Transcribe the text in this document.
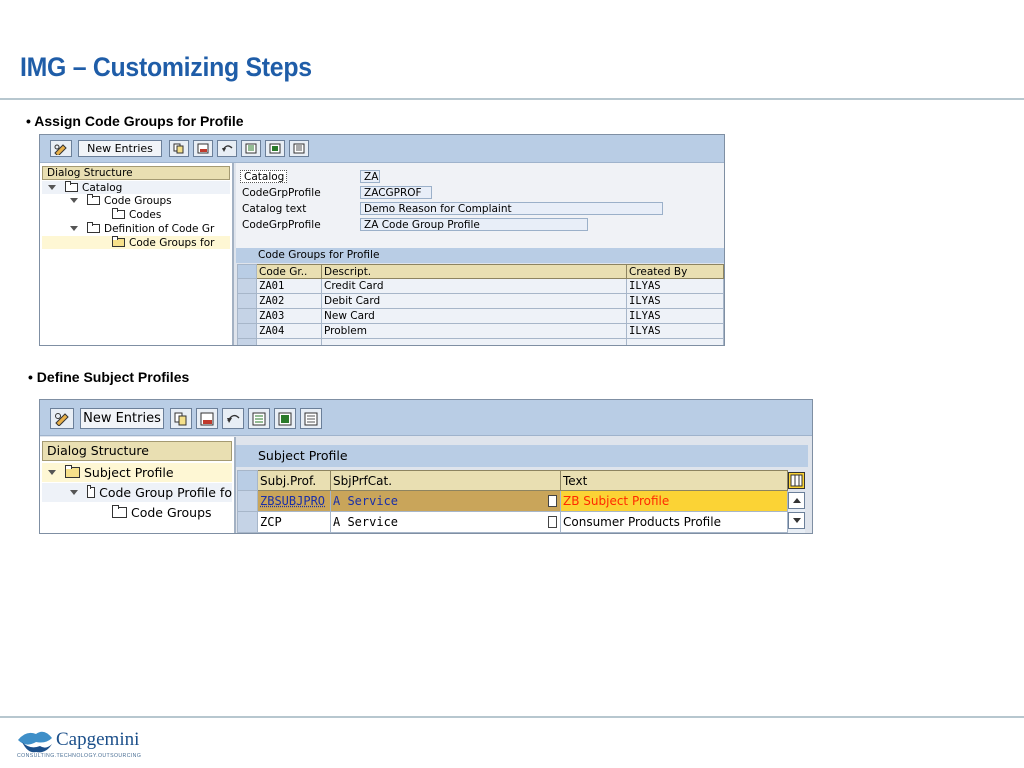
IMG – Customizing Steps
• Assign Code Groups for Profile
New Entries
Dialog Structure
Catalog
Code Groups
Codes
Definition of Code Gr
Code Groups for
Catalog	ZA
CodeGrpProfile	ZACGPROF
Catalog text	Demo Reason for Complaint
CodeGrpProfile	ZA Code Group Profile
Code Groups for Profile
	Code Gr..	Descript.	Created By
	ZA01	Credit Card	ILYAS
	ZA02	Debit Card	ILYAS
	ZA03	New Card	ILYAS
	ZA04	Problem	ILYAS

• Define Subject Profiles
New Entries
Dialog Structure
Subject Profile
Code Group Profile fo
Code Groups
Subject Profile
	Subj.Prof.	SbjPrfCat.	Text
	ZBSUBJPRO	A Service	ZB Subject Profile
	ZCP	A Service	Consumer Products Profile
Capgemini
CONSULTING.TECHNOLOGY.OUTSOURCING
